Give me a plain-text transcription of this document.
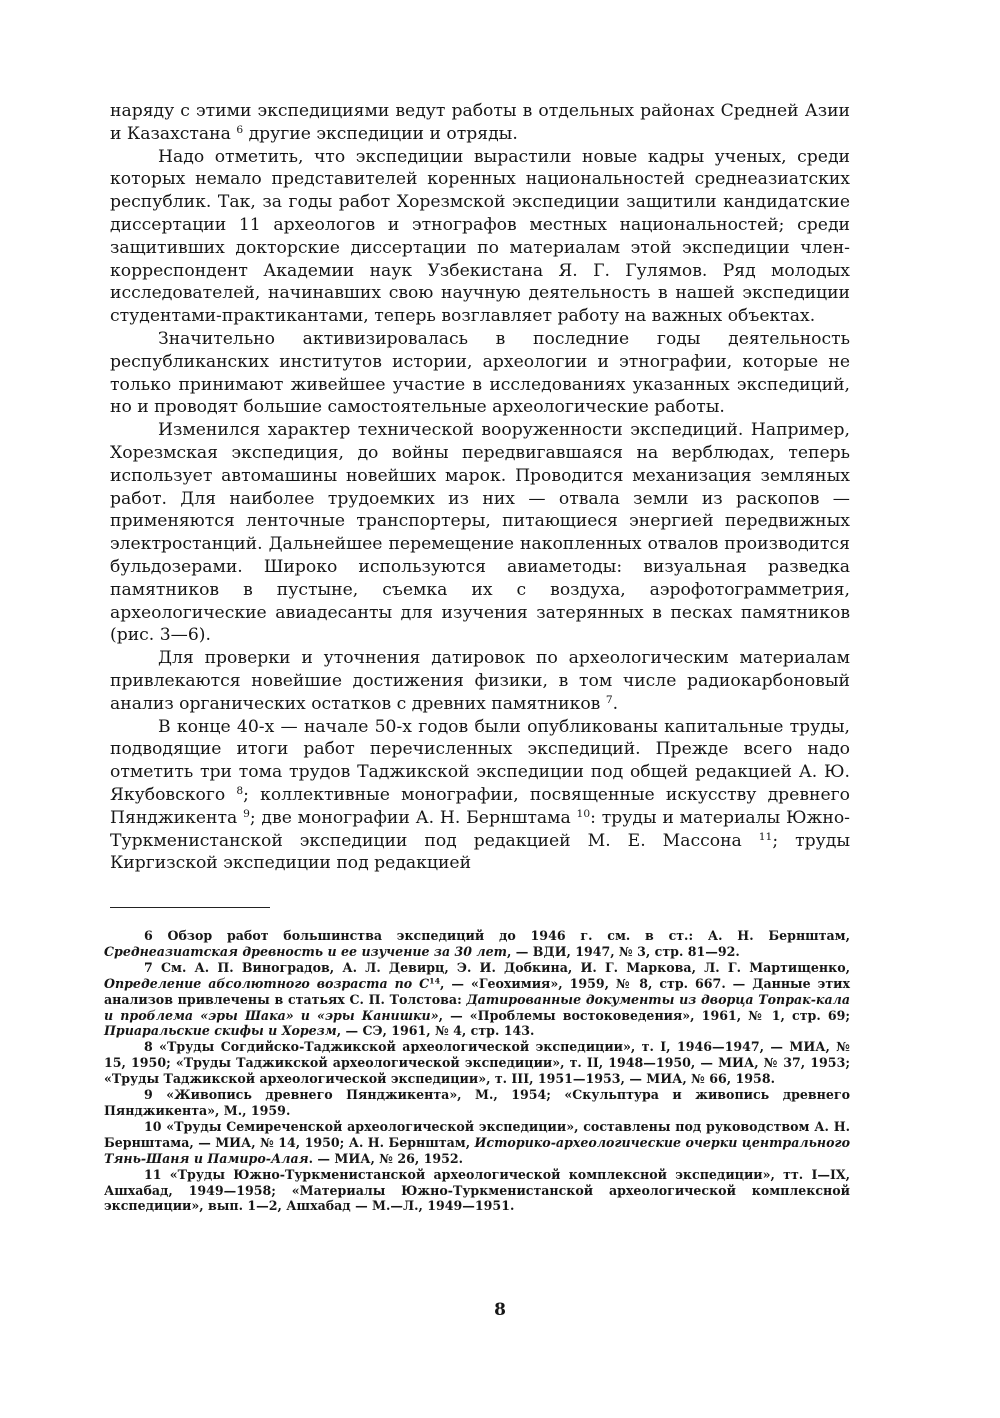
наряду с этими экспедициями ведут работы в отдельных районах Средней Азии и Казахстана $^6$ другие экспедиции и отряды.

Надо отметить, что экспедиции вырастили новые кадры ученых, среди которых немало представителей коренных национальностей среднеазиатских республик. Так, за годы работ Хорезмской экспедиции защитили кандидатские диссертации 11 археологов и этнографов местных национальностей; среди защитивших докторские диссертации по материалам этой экспедиции член-корреспондент Академии наук Узбекистана Я. Г. Гулямов. Ряд молодых исследователей, начинавших свою научную деятельность в нашей экспедиции студентами-практикантами, теперь возглавляет работу на важных объектах.

Значительно активизировалась в последние годы деятельность республиканских институтов истории, археологии и этнографии, которые не только принимают живейшее участие в исследованиях указанных экспедиций, но и проводят большие самостоятельные археологические работы.

Изменился характер технической вооруженности экспедиций. Например, Хорезмская экспедиция, до войны передвигавшаяся на верблюдах, теперь использует автомашины новейших марок. Проводится механизация земляных работ. Для наиболее трудоемких из них — отвала земли из раскопов — применяются ленточные транспортеры, питающиеся энергией передвижных электростанций. Дальнейшее перемещение накопленных отвалов производится бульдозерами. Широко используются авиаметоды: визуальная разведка памятников в пустыне, съемка их с воздуха, аэрофотограмметрия, археологические авиадесанты для изучения затерянных в песках памятников (рис. 3—6).

Для проверки и уточнения датировок по археологическим материалам привлекаются новейшие достижения физики, в том числе радиокарбоновый анализ органических остатков с древних памятников $^7$.

В конце 40-х — начале 50-х годов были опубликованы капитальные труды, подводящие итоги работ перечисленных экспедиций. Прежде всего надо отметить три тома трудов Таджикской экспедиции под общей редакцией А. Ю. Якубовского $^8$; коллективные монографии, посвященные искусству древнего Пянджикента $^9$; две монографии А. Н. Бернштама $^{10}$: труды и материалы Южно-Туркменистанской экспедиции под редакцией М. Е. Массона $^{11}$; труды Киргизской экспедиции под редакцией

6 Обзор работ большинства экспедиций до 1946 г. см. в ст.: А. Н. Бернштам, Среднеазиатская древность и ее изучение за 30 лет, — ВДИ, 1947, № 3, стр. 81—92.

7 См. А. П. Виноградов, А. Л. Девирц, Э. И. Добкина, И. Г. Маркова, Л. Г. Мартищенко, Определение абсолютного возраста по $С^{14}$, — «Геохимия», 1959, № 8, стр. 667. — Данные этих анализов привлечены в статьях С. П. Толстова: Датированные документы из дворца Топрак-кала и проблема «эры Шака» и «эры Канишки», — «Проблемы востоковедения», 1961, № 1, стр. 69; Приаральские скифы и Хорезм, — СЭ, 1961, № 4, стр. 143.

8 «Труды Согдийско-Таджикской археологической экспедиции», т. I, 1946—1947, — МИА, № 15, 1950; «Труды Таджикской археологической экспедиции», т. II, 1948—1950, — МИА, № 37, 1953; «Труды Таджикской археологической экспедиции», т. III, 1951—1953, — МИА, № 66, 1958.

9 «Живопись древнего Пянджикента», М., 1954; «Скульптура и живопись древнего Пянджикента», М., 1959.

10 «Труды Семиреченской археологической экспедиции», составлены под руководством А. Н. Бернштама, — МИА, № 14, 1950; А. Н. Бернштам, Историко-археологические очерки центрального Тянь-Шаня и Памиро-Алая. — МИА, № 26, 1952.

11 «Труды Южно-Туркменистанской археологической комплексной экспедиции», тт. I—IX, Ашхабад, 1949—1958; «Материалы Южно-Туркменистанской археологической комплексной экспедиции», вып. 1—2, Ашхабад — М.—Л., 1949—1951.

8
